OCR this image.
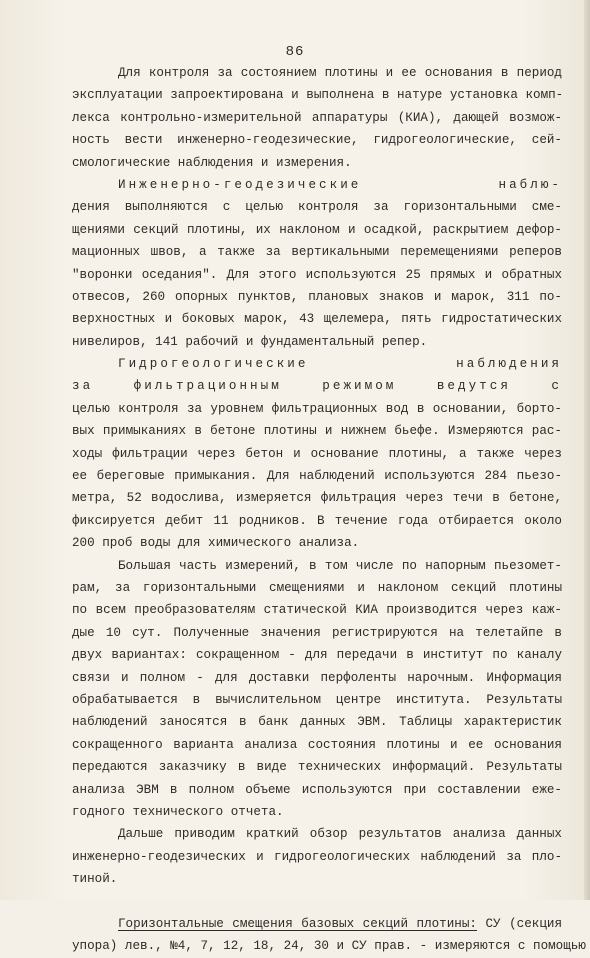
86
Для контроля за состоянием плотины и ее основания в период
эксплуатации запроектирована и выполнена в натуре установка комп-
лекса контрольно-измерительной аппаратуры (КИА), дающей возмож-
ность вести инженерно-геодезические, гидрогеологические, сей-
смологические наблюдения и измерения.
Инженерно-геодезические наблю-
дения выполняются с целью контроля за горизонтальными сме-
щениями секций плотины, их наклоном и осадкой, раскрытием дефор-
мационных швов, а также за вертикальными перемещениями реперов
"воронки оседания". Для этого используются 25 прямых и обратных
отвесов, 260 опорных пунктов, плановых знаков и марок, 311 по-
верхностных и боковых марок, 43 щелемера, пять гидростатических
нивелиров, 141 рабочий и фундаментальный репер.
Гидрогеологические наблюдения
за фильтрационным режимом ведутся с
целью контроля за уровнем фильтрационных вод в основании, борто-
вых примыканиях в бетоне плотины и нижнем бьефе. Измеряются рас-
ходы фильтрации через бетон и основание плотины, а также через
ее береговые примыкания. Для наблюдений используются 284 пьезо-
метра, 52 водослива, измеряется фильтрация через течи в бетоне,
фиксируется дебит 11 родников. В течение года отбирается около
200 проб воды для химического анализа.
Большая часть измерений, в том числе по напорным пьезомет-
рам, за горизонтальными смещениями и наклоном секций плотины
по всем преобразователям статической КИА производится через каж-
дые 10 сут. Полученные значения регистрируются на телетайпе в
двух вариантах: сокращенном - для передачи в институт по каналу
связи и полном - для доставки перфоленты нарочным. Информация
обрабатывается в вычислительном центре института. Результаты
наблюдений заносятся в банк данных ЭВМ. Таблицы характеристик
сокращенного варианта анализа состояния плотины и ее основания
передаются заказчику в виде технических информаций. Результаты
анализа ЭВМ в полном объеме используются при составлении еже-
годного технического отчета.
Дальше приводим краткий обзор результатов анализа данных
инженерно-геодезических и гидрогеологических наблюдений за пло-
тиной.
Горизонтальные смещения базовых секций плотины: СУ (секция
упора) лев., №4, 7, 12, 18, 24, 30 и СУ прав. - измеряются с помощью
